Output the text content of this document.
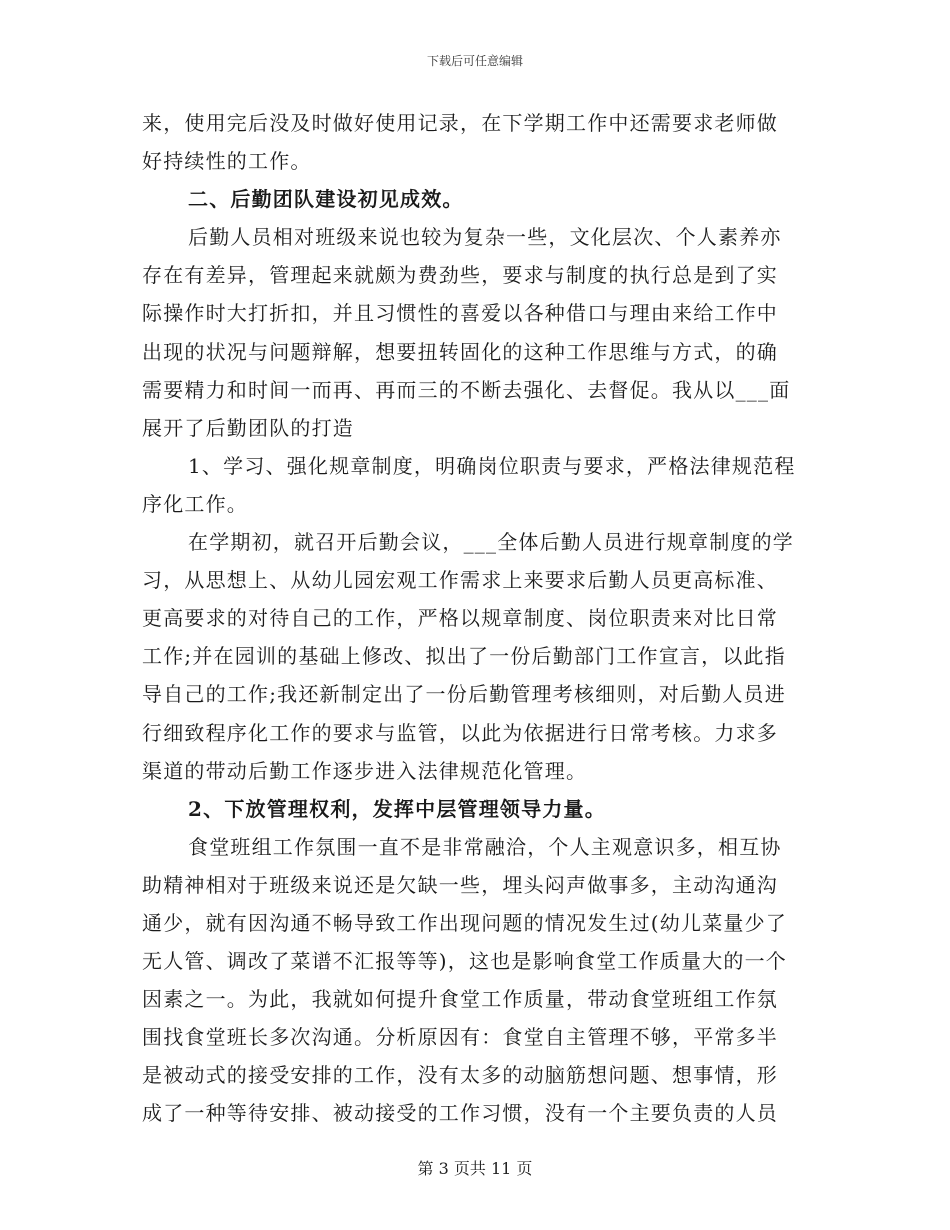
下载后可任意编辑
来，使用完后没及时做好使用记录，在下学期工作中还需要求老师做
好持续性的工作。
二、后勤团队建设初见成效。
后勤人员相对班级来说也较为复杂一些，文化层次、个人素养亦
存在有差异，管理起来就颇为费劲些，要求与制度的执行总是到了实
际操作时大打折扣，并且习惯性的喜爱以各种借口与理由来给工作中
出现的状况与问题辩解，想要扭转固化的这种工作思维与方式，的确
需要精力和时间一而再、再而三的不断去强化、去督促。我从以___面
展开了后勤团队的打造
1、学习、强化规章制度，明确岗位职责与要求，严格法律规范程
序化工作。
在学期初，就召开后勤会议，___全体后勤人员进行规章制度的学
习，从思想上、从幼儿园宏观工作需求上来要求后勤人员更高标准、
更高要求的对待自己的工作，严格以规章制度、岗位职责来对比日常
工作;并在园训的基础上修改、拟出了一份后勤部门工作宣言，以此指
导自己的工作;我还新制定出了一份后勤管理考核细则，对后勤人员进
行细致程序化工作的要求与监管，以此为依据进行日常考核。力求多
渠道的带动后勤工作逐步进入法律规范化管理。
2、下放管理权利，发挥中层管理领导力量。
食堂班组工作氛围一直不是非常融洽，个人主观意识多，相互协
助精神相对于班级来说还是欠缺一些，埋头闷声做事多，主动沟通沟
通少，就有因沟通不畅导致工作出现问题的情况发生过(幼儿菜量少了
无人管、调改了菜谱不汇报等等)，这也是影响食堂工作质量大的一个
因素之一。为此，我就如何提升食堂工作质量，带动食堂班组工作氛
围找食堂班长多次沟通。分析原因有：食堂自主管理不够，平常多半
是被动式的接受安排的工作，没有太多的动脑筋想问题、想事情，形
成了一种等待安排、被动接受的工作习惯，没有一个主要负责的人员
第 3 页共 11 页
